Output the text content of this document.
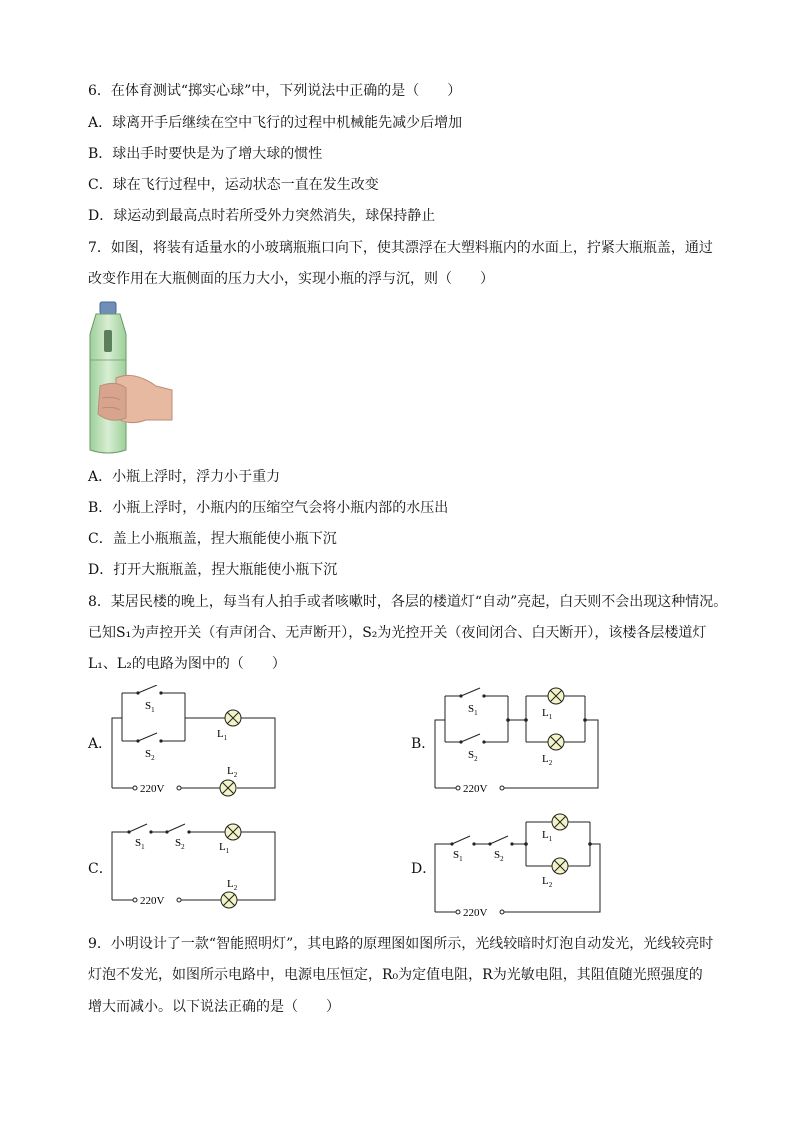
6．在体育测试“掷实心球”中，下列说法中正确的是（　　）
A．球离开手后继续在空中飞行的过程中机械能先减少后增加
B．球出手时要快是为了增大球的惯性
C．球在飞行过程中，运动状态一直在发生改变
D．球运动到最高点时若所受外力突然消失，球保持静止
7．如图，将装有适量水的小玻璃瓶瓶口向下，使其漂浮在大塑料瓶内的水面上，拧紧大瓶瓶盖，通过
改变作用在大瓶侧面的压力大小，实现小瓶的浮与沉，则（　　）
A．小瓶上浮时，浮力小于重力
B．小瓶上浮时，小瓶内的压缩空气会将小瓶内部的水压出
C．盖上小瓶瓶盖，捏大瓶能使小瓶下沉
D．打开大瓶瓶盖，捏大瓶能使小瓶下沉
8．某居民楼的晚上，每当有人拍手或者咳嗽时，各层的楼道灯“自动”亮起，白天则不会出现这种情况。
已知S₁为声控开关（有声闭合、无声断开），S₂为光控开关（夜间闭合、白天断开），该楼各层楼道灯
L₁、L₂的电路为图中的（　　）
A．
$S_1$
$S_2$
$L_1$
$L_2$
220V
B．
$S_1$
$S_2$
$L_1$
$L_2$
220V
C．
$S_1$	$S_2$	$L_1$
$L_2$
220V
D．
$S_1$	$S_2$
$L_1$
$L_2$
220V
9．小明设计了一款“智能照明灯”，其电路的原理图如图所示，光线较暗时灯泡自动发光，光线较亮时
灯泡不发光，如图所示电路中，电源电压恒定，R₀为定值电阻，R为光敏电阻，其阻值随光照强度的
增大而减小。以下说法正确的是（　　）
